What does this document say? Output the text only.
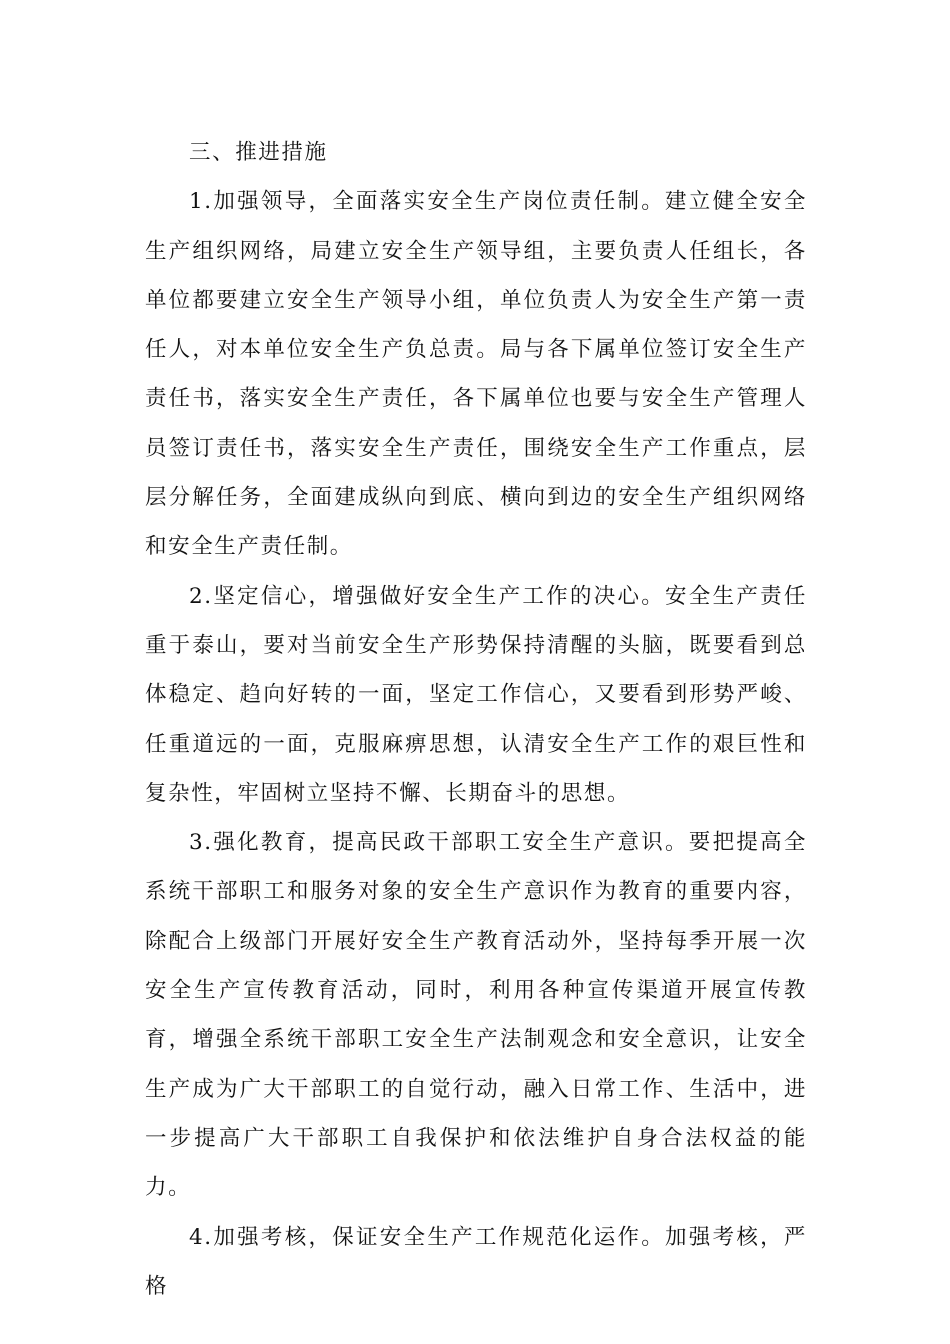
三、推进措施

1.加强领导，全面落实安全生产岗位责任制。建立健全安全生产组织网络，局建立安全生产领导组，主要负责人任组长，各单位都要建立安全生产领导小组，单位负责人为安全生产第一责任人，对本单位安全生产负总责。局与各下属单位签订安全生产责任书，落实安全生产责任，各下属单位也要与安全生产管理人员签订责任书，落实安全生产责任，围绕安全生产工作重点，层层分解任务，全面建成纵向到底、横向到边的安全生产组织网络和安全生产责任制。

2.坚定信心，增强做好安全生产工作的决心。安全生产责任重于泰山，要对当前安全生产形势保持清醒的头脑，既要看到总体稳定、趋向好转的一面，坚定工作信心，又要看到形势严峻、任重道远的一面，克服麻痹思想，认清安全生产工作的艰巨性和复杂性，牢固树立坚持不懈、长期奋斗的思想。

3.强化教育，提高民政干部职工安全生产意识。要把提高全系统干部职工和服务对象的安全生产意识作为教育的重要内容，除配合上级部门开展好安全生产教育活动外，坚持每季开展一次安全生产宣传教育活动，同时，利用各种宣传渠道开展宣传教育，增强全系统干部职工安全生产法制观念和安全意识，让安全生产成为广大干部职工的自觉行动，融入日常工作、生活中，进一步提高广大干部职工自我保护和依法维护自身合法权益的能力。

4.加强考核，保证安全生产工作规范化运作。加强考核，严格
